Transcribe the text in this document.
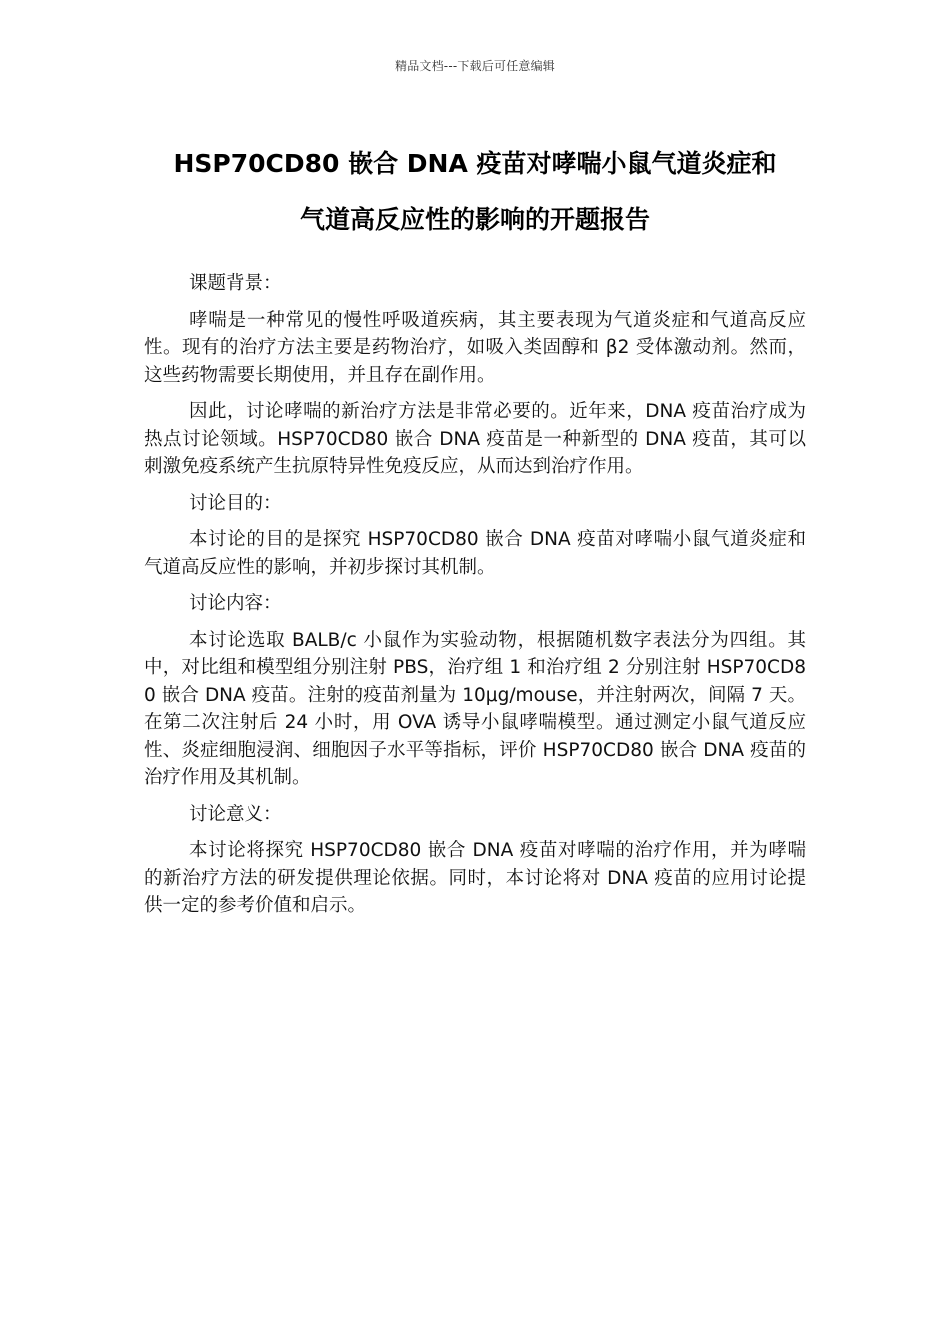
精品文档---下载后可任意编辑
HSP70CD80 嵌合 DNA 疫苗对哮喘小鼠气道炎症和
气道高反应性的影响的开题报告

课题背景：

哮喘是一种常见的慢性呼吸道疾病，其主要表现为气道炎症和气道高反应性。现有的治疗方法主要是药物治疗，如吸入类固醇和 β2 受体激动剂。然而，这些药物需要长期使用，并且存在副作用。

因此，讨论哮喘的新治疗方法是非常必要的。近年来，DNA 疫苗治疗成为热点讨论领域。HSP70CD80 嵌合 DNA 疫苗是一种新型的 DNA 疫苗，其可以刺激免疫系统产生抗原特异性免疫反应，从而达到治疗作用。

讨论目的：

本讨论的目的是探究 HSP70CD80 嵌合 DNA 疫苗对哮喘小鼠气道炎症和气道高反应性的影响，并初步探讨其机制。

讨论内容：

本讨论选取 BALB/c 小鼠作为实验动物，根据随机数字表法分为四组。其中，对比组和模型组分别注射 PBS，治疗组 1 和治疗组 2 分别注射 HSP70CD80 嵌合 DNA 疫苗。注射的疫苗剂量为 10μg/mouse，并注射两次，间隔 7 天。在第二次注射后 24 小时，用 OVA 诱导小鼠哮喘模型。通过测定小鼠气道反应性、炎症细胞浸润、细胞因子水平等指标，评价 HSP70CD80 嵌合 DNA 疫苗的治疗作用及其机制。

讨论意义：

本讨论将探究 HSP70CD80 嵌合 DNA 疫苗对哮喘的治疗作用，并为哮喘的新治疗方法的研发提供理论依据。同时，本讨论将对 DNA 疫苗的应用讨论提供一定的参考价值和启示。
